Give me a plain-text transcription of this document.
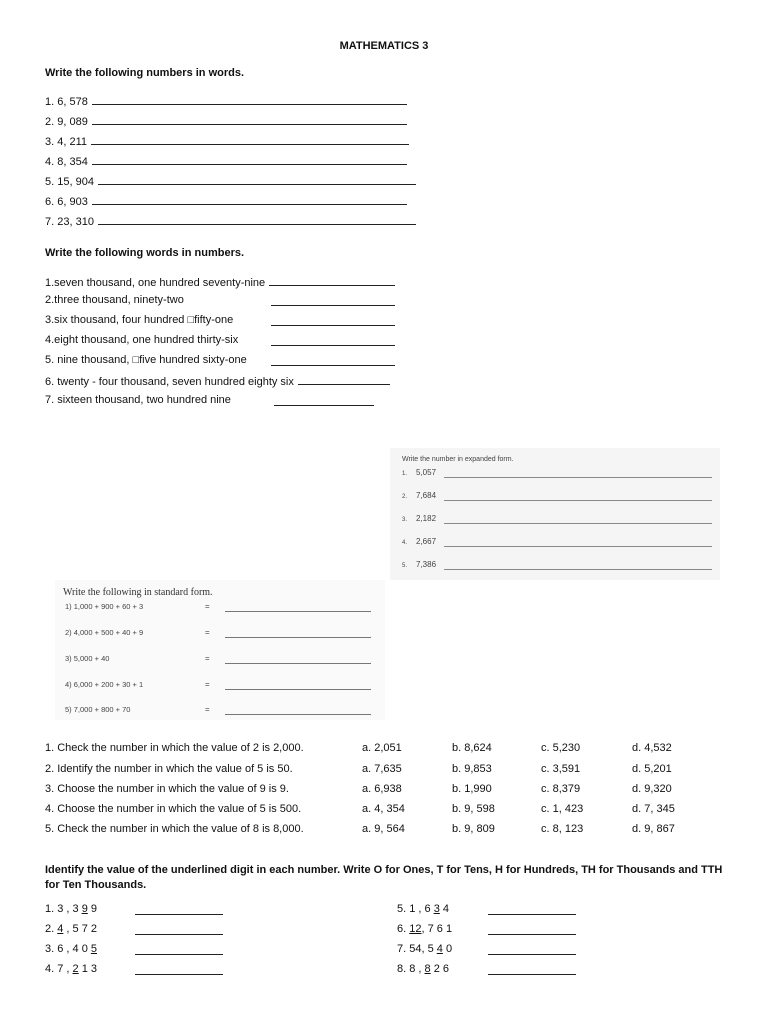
MATHEMATICS 3
Write the following numbers in words.
1. 6, 578
2. 9, 089
3. 4, 211
4. 8, 354
5. 15, 904
6. 6, 903
7. 23, 310
Write the following words in numbers.
1.seven thousand, one hundred seventy-nine
2.three thousand, ninety-two
3.six thousand, four hundred □fifty-one
4.eight thousand, one hundred thirty-six
5. nine thousand, □five hundred sixty-one
6. twenty - four thousand, seven hundred eighty six
7. sixteen thousand, two hundred nine
Write the number in expanded form.
1. 5,057
2. 7,684
3. 2,182
4. 2,667
5. 7,386
Write the following in standard form.
1) 1,000 + 900 + 60 + 3	=
2) 4,000 + 500 + 40 + 9	=
3) 5,000 + 40	=
4) 6,000 + 200 + 30 + 1	=
5) 7,000 + 800 + 70	=
1. Check the number in which the value of 2 is 2,000.	a. 2,051	b. 8,624	c. 5,230	d. 4,532
2. Identify the number in which the value of 5 is 50.	a. 7,635	b. 9,853	c. 3,591	d. 5,201
3. Choose the number in which the value of 9 is 9.	a. 6,938	b. 1,990	c. 8,379	d. 9,320
4. Choose the number in which the value of 5 is 500.	a. 4, 354	b. 9, 598	c. 1, 423	d. 7, 345
5. Check the number in which the value of 8 is 8,000.	a. 9, 564	b. 9, 809	c. 8, 123	d. 9, 867
Identify the value of the underlined digit in each number. Write O for Ones, T for Tens, H for Hundreds, TH for Thousands and TTH for Ten Thousands.
1. 3 , 3 9 9
2. 4 , 5 7 2
3. 6 , 4 0 5
4. 7 , 2 1 3
5. 1 , 6 3 4
6. 12, 7 6 1
7. 54, 5 4 0
8. 8 , 8 2 6
